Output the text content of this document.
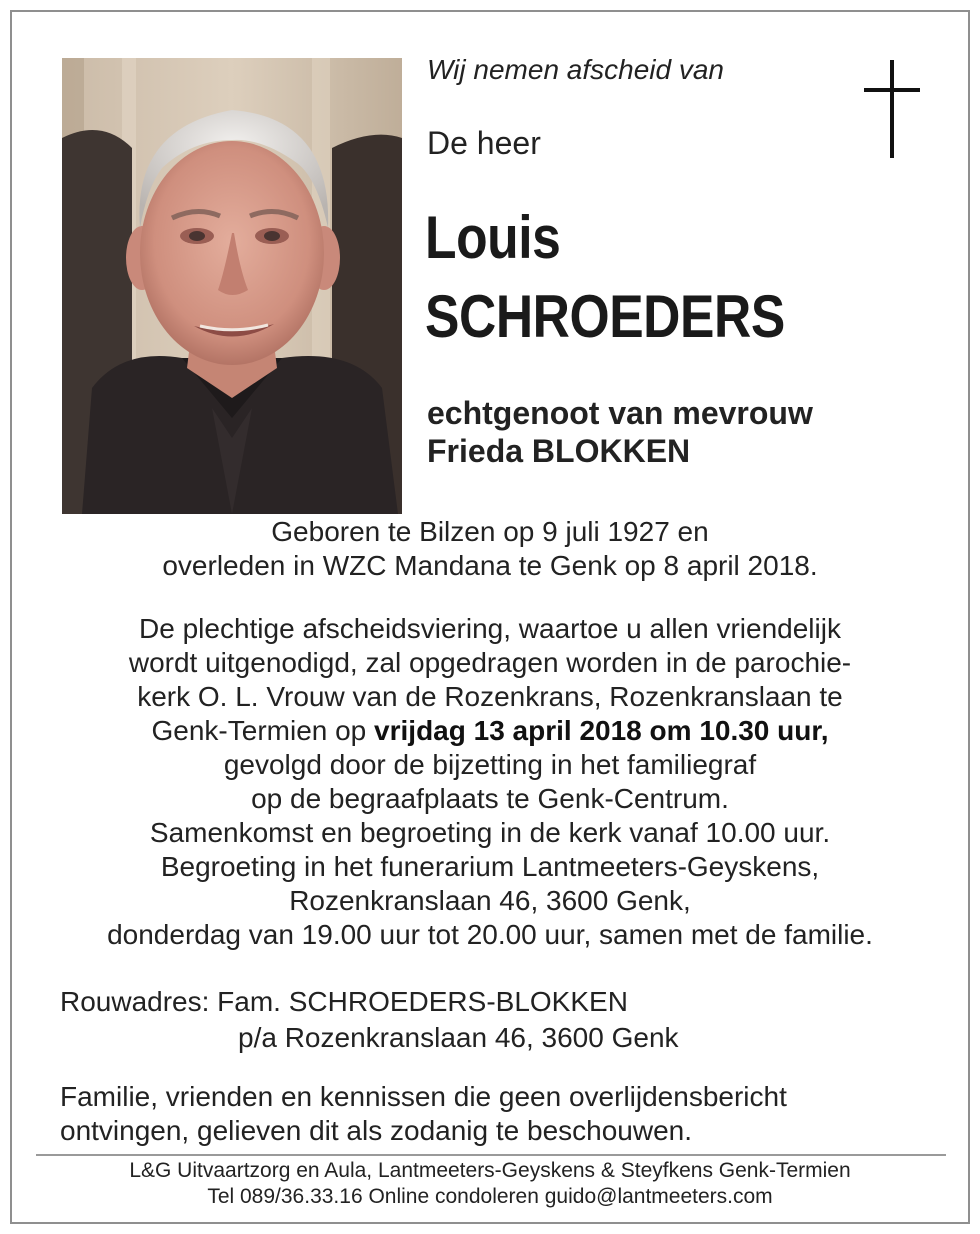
Wij nemen afscheid van
De heer
Louis
SCHROEDERS
echtgenoot van mevrouw
Frieda BLOKKEN
Geboren te Bilzen op 9 juli 1927 en
overleden in WZC Mandana te Genk op 8 april 2018.
De plechtige afscheidsviering, waartoe u allen vriendelijk
wordt uitgenodigd, zal opgedragen worden in de parochie-
kerk O. L. Vrouw van de Rozenkrans, Rozenkranslaan te
Genk-Termien op vrijdag 13 april 2018 om 10.30 uur,
gevolgd door de bijzetting in het familiegraf
op de begraafplaats te Genk-Centrum.
Samenkomst en begroeting in de kerk vanaf 10.00 uur.
Begroeting in het funerarium Lantmeeters-Geyskens,
Rozenkranslaan 46, 3600 Genk,
donderdag van 19.00 uur tot 20.00 uur, samen met de familie.
Rouwadres: Fam. SCHROEDERS-BLOKKEN
p/a Rozenkranslaan 46, 3600 Genk
Familie, vrienden en kennissen die geen overlijdensbericht
ontvingen, gelieven dit als zodanig te beschouwen.
L&G Uitvaartzorg en Aula, Lantmeeters-Geyskens & Steyfkens Genk-Termien
Tel 089/36.33.16 Online condoleren guido@lantmeeters.com
